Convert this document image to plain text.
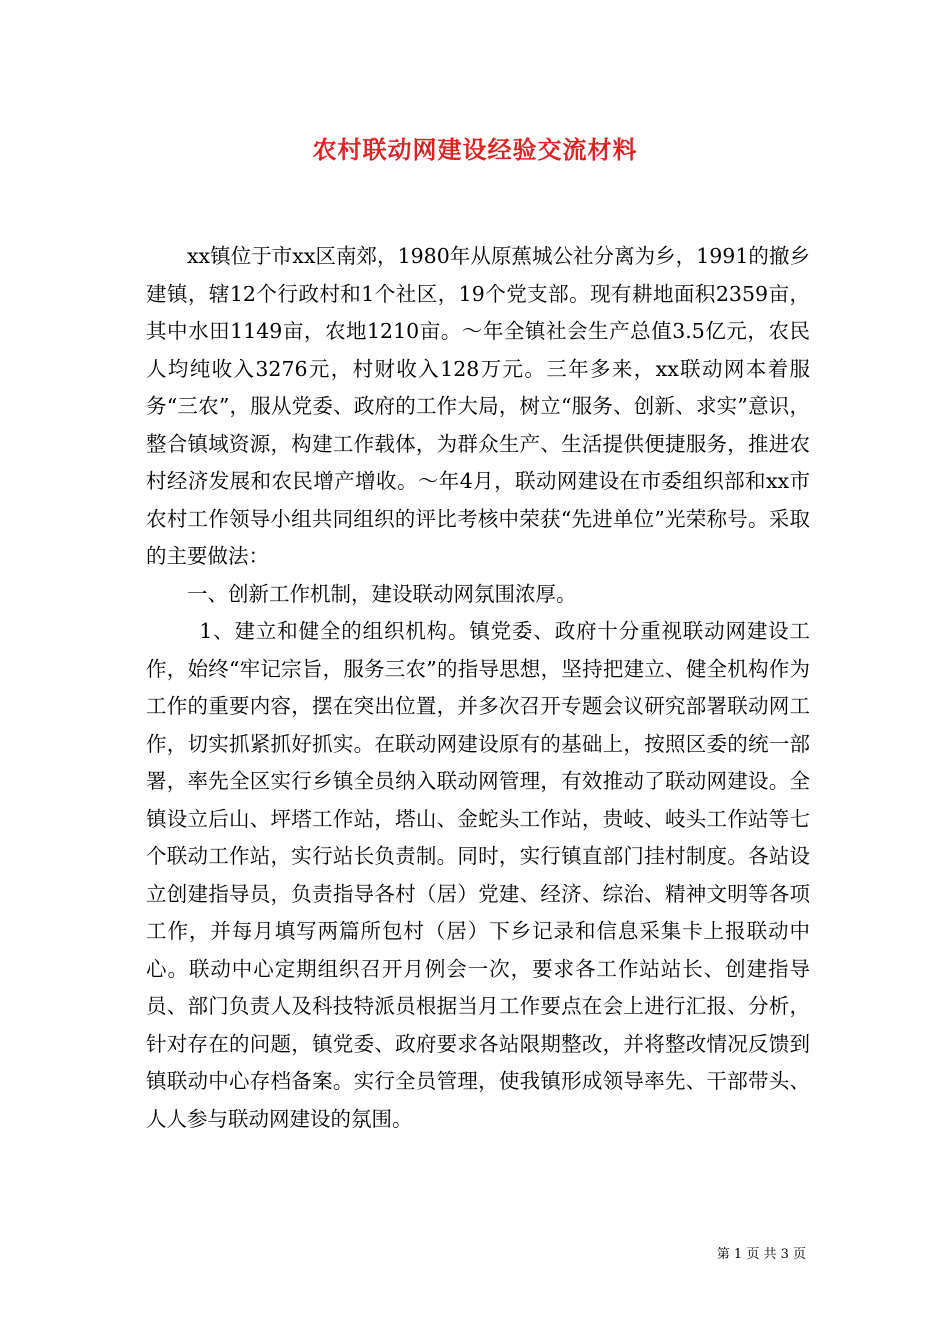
农村联动网建设经验交流材料

xx镇位于市xx区南郊，1980年从原蕉城公社分离为乡，1991的撤乡建镇，辖12个行政村和1个社区，19个党支部。现有耕地面积2359亩，其中水田1149亩，农地1210亩。～年全镇社会生产总值3.5亿元，农民人均纯收入3276元，村财收入128万元。三年多来，xx联动网本着服务“三农”，服从党委、政府的工作大局，树立“服务、创新、求实”意识，整合镇域资源，构建工作载体，为群众生产、生活提供便捷服务，推进农村经济发展和农民增产增收。～年4月，联动网建设在市委组织部和xx市农村工作领导小组共同组织的评比考核中荣获“先进单位”光荣称号。采取的主要做法：

一、创新工作机制，建设联动网氛围浓厚。

1、建立和健全的组织机构。镇党委、政府十分重视联动网建设工作，始终“牢记宗旨，服务三农”的指导思想，坚持把建立、健全机构作为工作的重要内容，摆在突出位置，并多次召开专题会议研究部署联动网工作，切实抓紧抓好抓实。在联动网建设原有的基础上，按照区委的统一部署，率先全区实行乡镇全员纳入联动网管理，有效推动了联动网建设。全镇设立后山、坪塔工作站，塔山、金蛇头工作站，贵岐、岐头工作站等七个联动工作站，实行站长负责制。同时，实行镇直部门挂村制度。各站设立创建指导员，负责指导各村（居）党建、经济、综治、精神文明等各项工作，并每月填写两篇所包村（居）下乡记录和信息采集卡上报联动中心。联动中心定期组织召开月例会一次，要求各工作站站长、创建指导员、部门负责人及科技特派员根据当月工作要点在会上进行汇报、分析，针对存在的问题，镇党委、政府要求各站限期整改，并将整改情况反馈到镇联动中心存档备案。实行全员管理，使我镇形成领导率先、干部带头、人人参与联动网建设的氛围。

第 1 页 共 3 页
